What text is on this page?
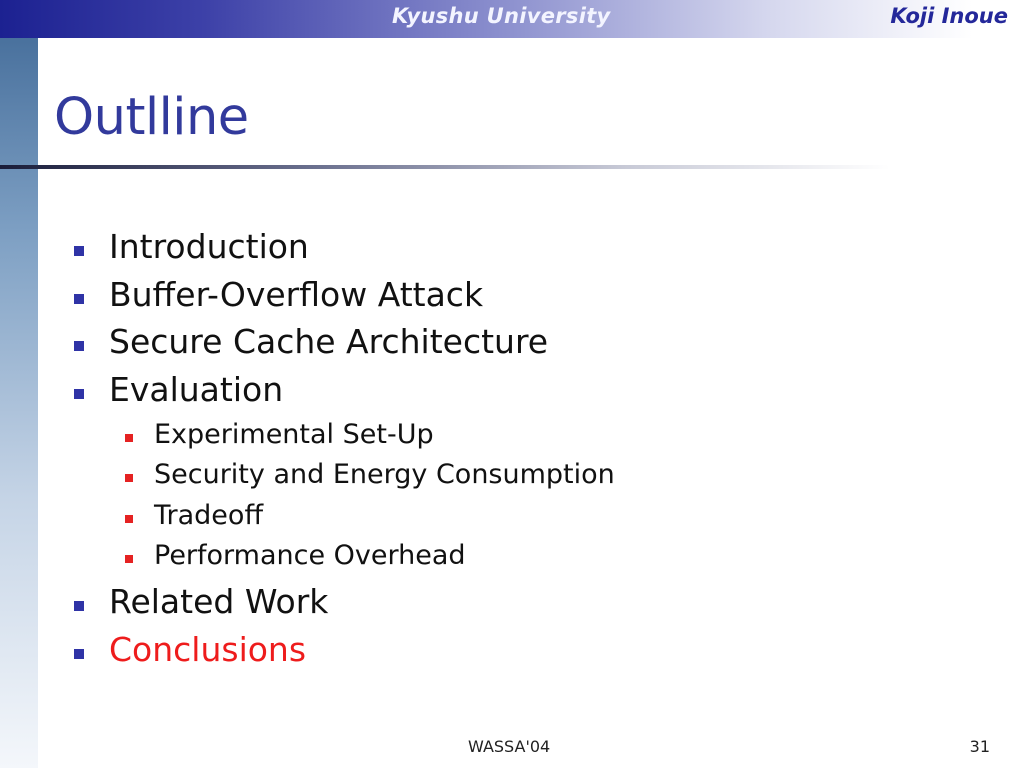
Kyushu University	Koji Inoue
Outlline
Introduction
Buffer-Overflow Attack
Secure Cache Architecture
Evaluation
Experimental Set-Up
Security and Energy Consumption
Tradeoff
Performance Overhead
Related Work
Conclusions
WASSA'04	31
